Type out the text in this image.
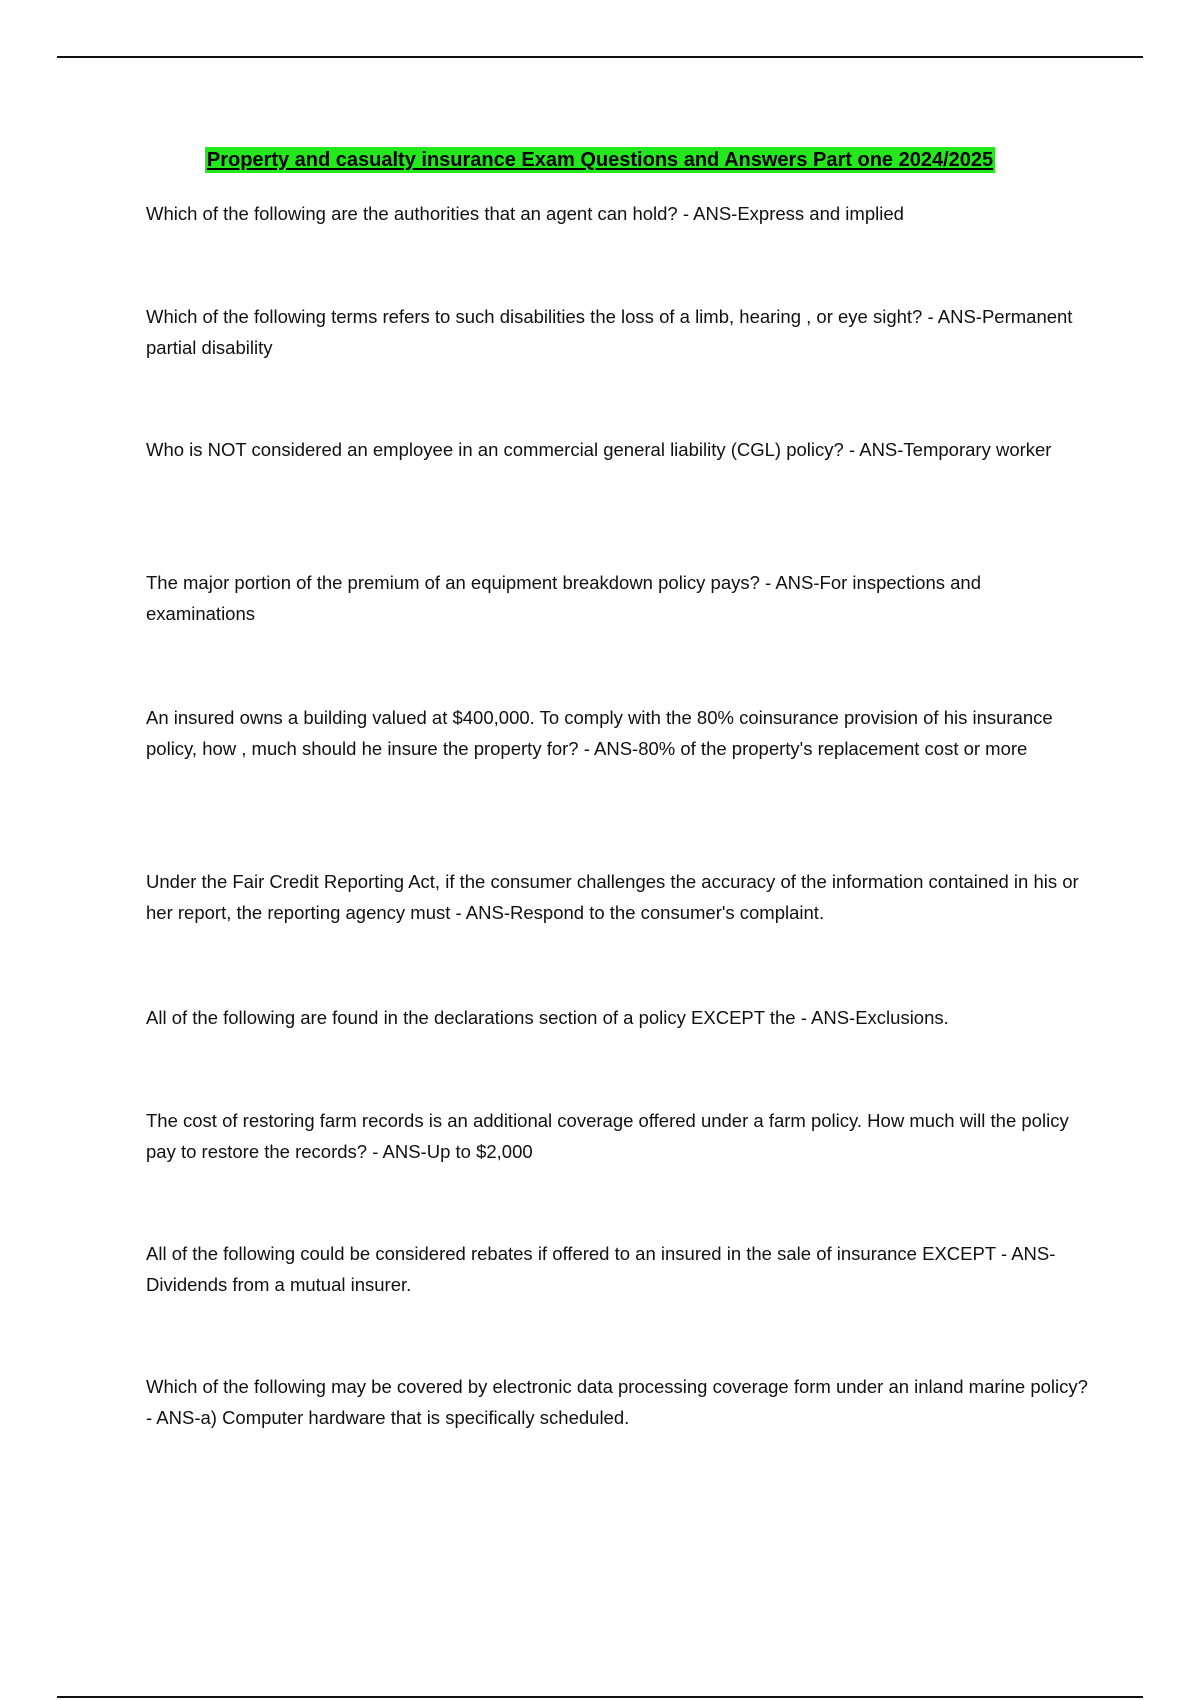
Property and casualty insurance Exam Questions and Answers Part one 2024/2025

Which of the following are the authorities that an agent can hold? - ANS-Express and implied

Which of the following terms refers to such disabilities the loss of a limb, hearing , or eye sight? - ANS-Permanent partial disability

Who is NOT considered an employee in an commercial general liability (CGL) policy? - ANS-Temporary worker

The major portion of the premium of an equipment breakdown policy pays? - ANS-For inspections and examinations

An insured owns a building valued at $400,000. To comply with the 80% coinsurance provision of his insurance policy, how , much should he insure the property for? - ANS-80% of the property's replacement cost or more

Under the Fair Credit Reporting Act, if the consumer challenges the accuracy of the information contained in his or her report, the reporting agency must - ANS-Respond to the consumer's complaint.

All of the following are found in the declarations section of a policy EXCEPT the - ANS-Exclusions.

The cost of restoring farm records is an additional coverage offered under a farm policy. How much will the policy pay to restore the records? - ANS-Up to $2,000

All of the following could be considered rebates if offered to an insured in the sale of insurance EXCEPT - ANS-Dividends from a mutual insurer.

Which of the following may be covered by electronic data processing coverage form under an inland marine policy? - ANS-a) Computer hardware that is specifically scheduled.
